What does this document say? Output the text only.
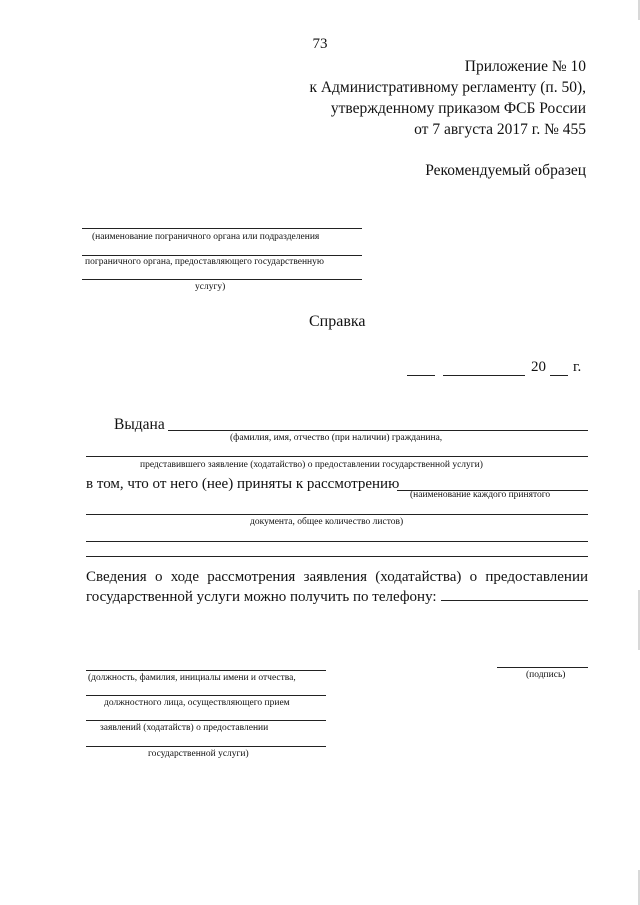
73
Приложение № 10
к Административному регламенту (п. 50),
утвержденному приказом ФСБ России
от 7 августа 2017 г. № 455
Рекомендуемый образец
(наименование пограничного органа или подразделения
пограничного органа, предоставляющего государственную
услугу)
Справка
20 г.
Выдана
(фамилия, имя, отчество (при наличии) гражданина,
представившего заявление (ходатайство) о предоставлении государственной услуги)
в том, что от него (нее) приняты к рассмотрению
(наименование каждого принятого
документа, общее количество листов)
Сведения о ходе рассмотрения заявления (ходатайства) о предоставлении
государственной услуги можно получить по телефону:
(должность, фамилия, инициалы имени и отчества,
должностного лица, осуществляющего прием
заявлений (ходатайств) о предоставлении
государственной услуги)
(подпись)
